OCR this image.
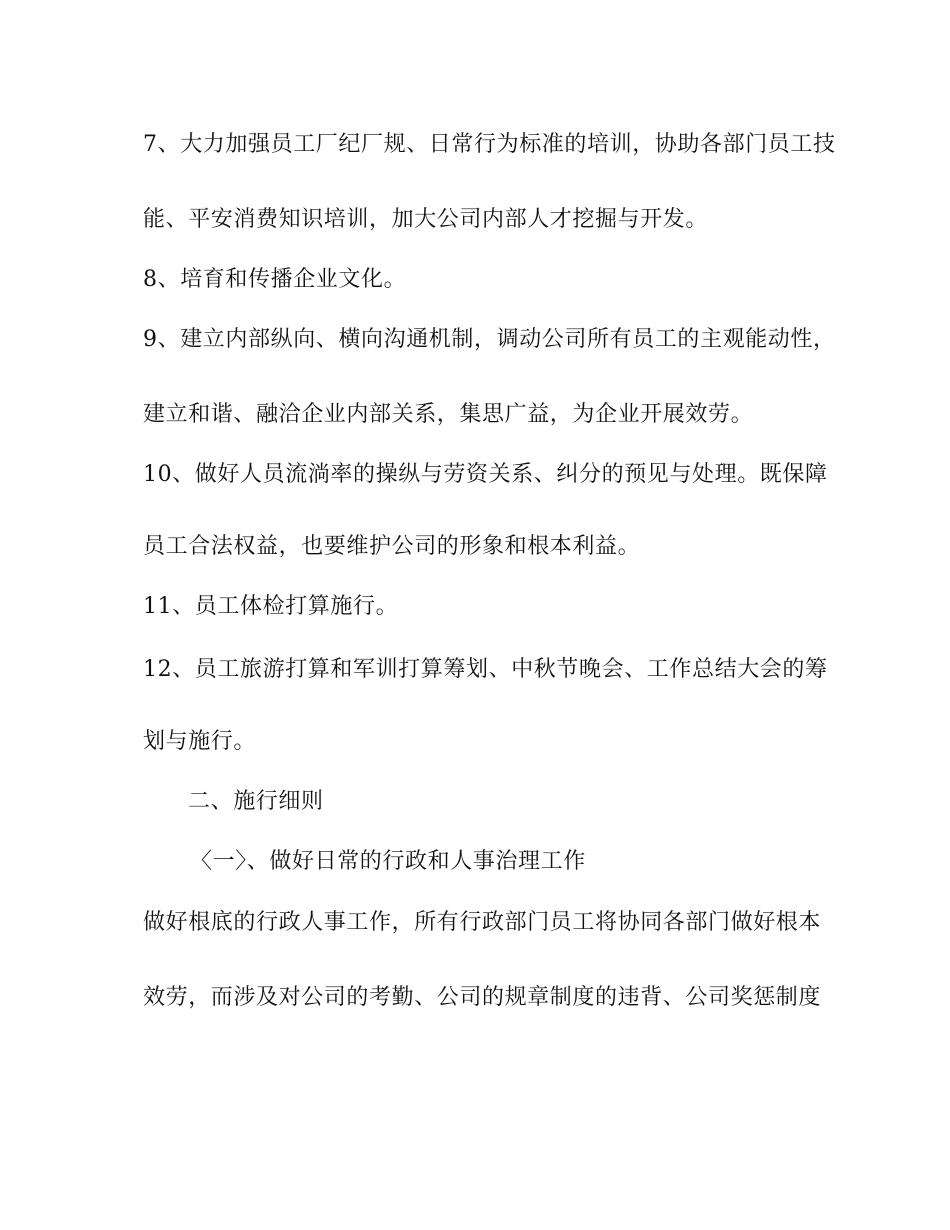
7、大力加强员工厂纪厂规、日常行为标准的培训，协助各部门员工技
能、平安消费知识培训，加大公司内部人才挖掘与开发。
8、培育和传播企业文化。
9、建立内部纵向、横向沟通机制，调动公司所有员工的主观能动性，
建立和谐、融洽企业内部关系，集思广益，为企业开展效劳。
10、做好人员流淌率的操纵与劳资关系、纠分的预见与处理。既保障
员工合法权益，也要维护公司的形象和根本利益。
11、员工体检打算施行。
12、员工旅游打算和军训打算筹划、中秋节晚会、工作总结大会的筹
划与施行。
二、施行细则
〈一〉、做好日常的行政和人事治理工作
做好根底的行政人事工作，所有行政部门员工将协同各部门做好根本
效劳，而涉及对公司的考勤、公司的规章制度的违背、公司奖惩制度
